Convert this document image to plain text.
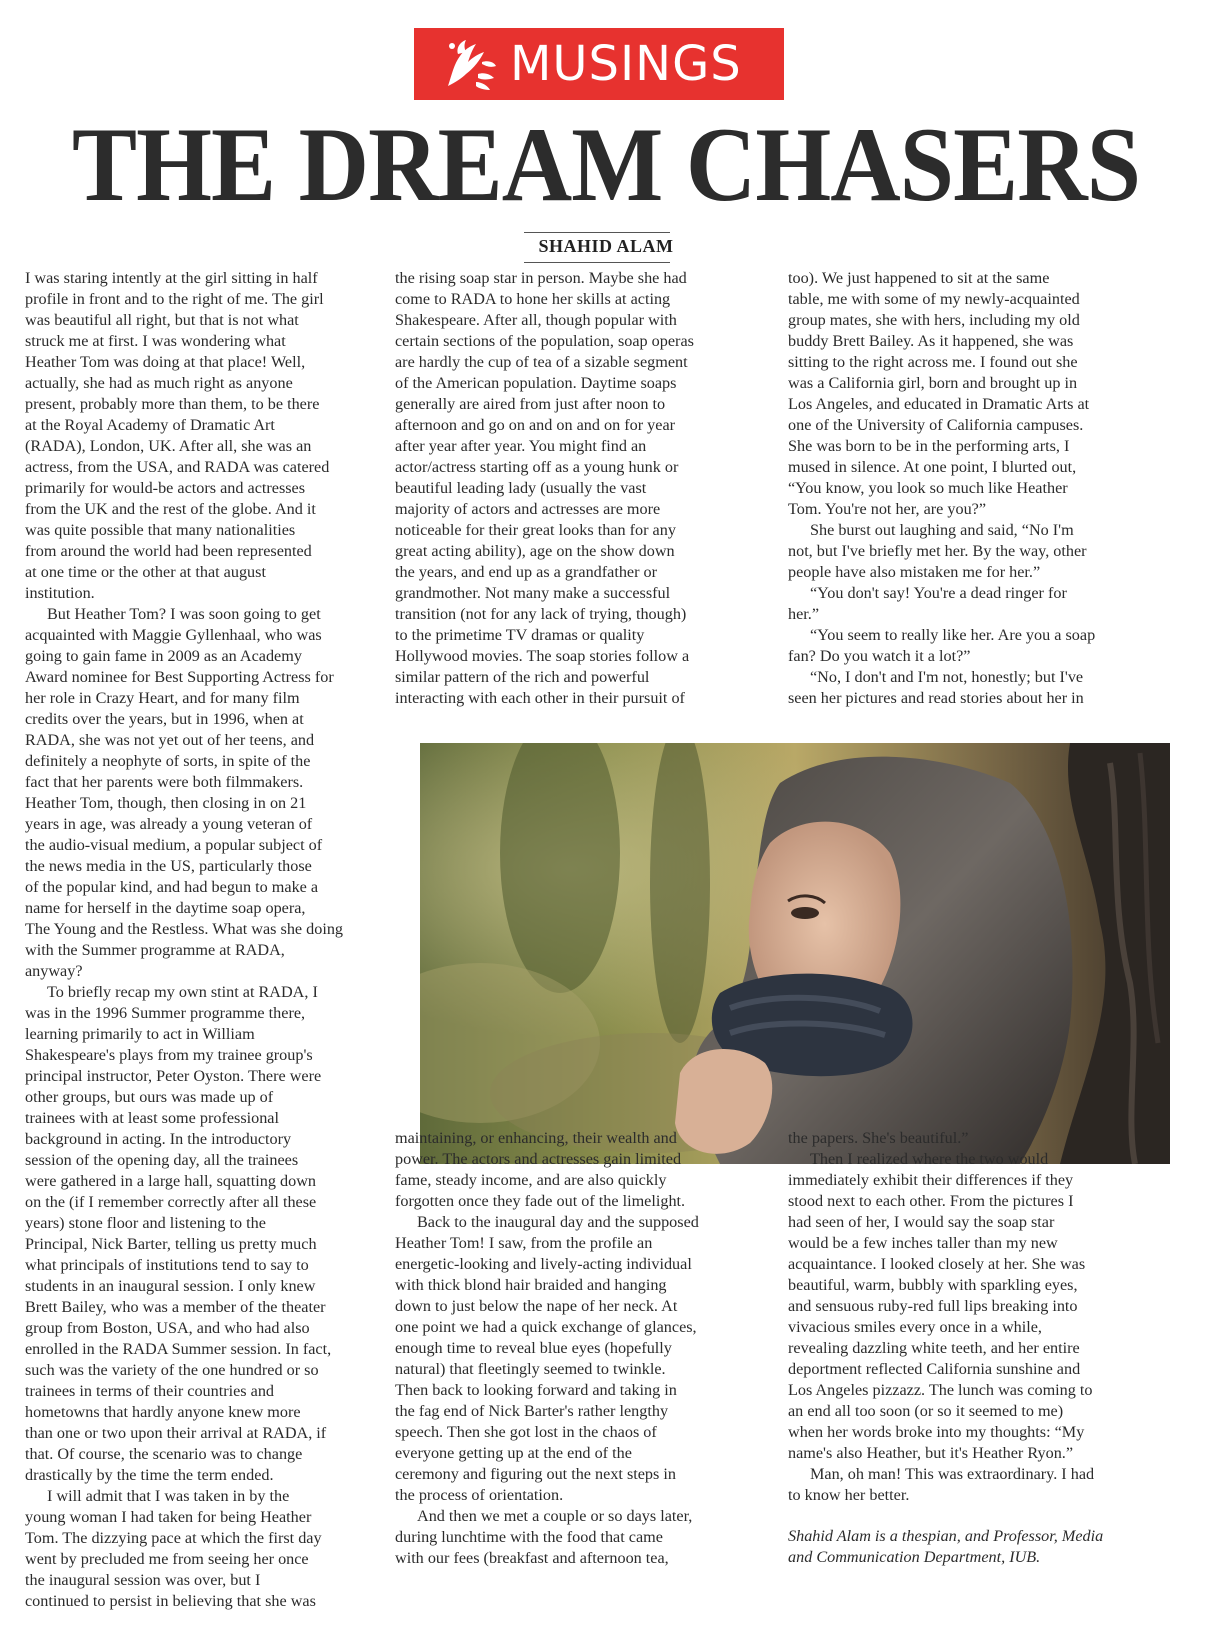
MUSINGS
THE DREAM CHASERS
SHAHID ALAM

I was staring intently at the girl sitting in half
profile in front and to the right of me. The girl
was beautiful all right, but that is not what
struck me at first. I was wondering what
Heather Tom was doing at that place! Well,
actually, she had as much right as anyone
present, probably more than them, to be there
at the Royal Academy of Dramatic Art
(RADA), London, UK. After all, she was an
actress, from the USA, and RADA was catered
primarily for would-be actors and actresses
from the UK and the rest of the globe. And it
was quite possible that many nationalities
from around the world had been represented
at one time or the other at that august
institution.

But Heather Tom? I was soon going to get
acquainted with Maggie Gyllenhaal, who was
going to gain fame in 2009 as an Academy
Award nominee for Best Supporting Actress for
her role in Crazy Heart, and for many film
credits over the years, but in 1996, when at
RADA, she was not yet out of her teens, and
definitely a neophyte of sorts, in spite of the
fact that her parents were both filmmakers.
Heather Tom, though, then closing in on 21
years in age, was already a young veteran of
the audio-visual medium, a popular subject of
the news media in the US, particularly those
of the popular kind, and had begun to make a
name for herself in the daytime soap opera,
The Young and the Restless. What was she doing
with the Summer programme at RADA,
anyway?

To briefly recap my own stint at RADA, I
was in the 1996 Summer programme there,
learning primarily to act in William
Shakespeare's plays from my trainee group's
principal instructor, Peter Oyston. There were
other groups, but ours was made up of
trainees with at least some professional
background in acting. In the introductory
session of the opening day, all the trainees
were gathered in a large hall, squatting down
on the (if I remember correctly after all these
years) stone floor and listening to the
Principal, Nick Barter, telling us pretty much
what principals of institutions tend to say to
students in an inaugural session. I only knew
Brett Bailey, who was a member of the theater
group from Boston, USA, and who had also
enrolled in the RADA Summer session. In fact,
such was the variety of the one hundred or so
trainees in terms of their countries and
hometowns that hardly anyone knew more
than one or two upon their arrival at RADA, if
that. Of course, the scenario was to change
drastically by the time the term ended.

I will admit that I was taken in by the
young woman I had taken for being Heather
Tom. The dizzying pace at which the first day
went by precluded me from seeing her once
the inaugural session was over, but I
continued to persist in believing that she was

the rising soap star in person. Maybe she had
come to RADA to hone her skills at acting
Shakespeare. After all, though popular with
certain sections of the population, soap operas
are hardly the cup of tea of a sizable segment
of the American population. Daytime soaps
generally are aired from just after noon to
afternoon and go on and on and on for year
after year after year. You might find an
actor/actress starting off as a young hunk or
beautiful leading lady (usually the vast
majority of actors and actresses are more
noticeable for their great looks than for any
great acting ability), age on the show down
the years, and end up as a grandfather or
grandmother. Not many make a successful
transition (not for any lack of trying, though)
to the primetime TV dramas or quality
Hollywood movies. The soap stories follow a
similar pattern of the rich and powerful
interacting with each other in their pursuit of

too). We just happened to sit at the same
table, me with some of my newly-acquainted
group mates, she with hers, including my old
buddy Brett Bailey. As it happened, she was
sitting to the right across me. I found out she
was a California girl, born and brought up in
Los Angeles, and educated in Dramatic Arts at
one of the University of California campuses.
She was born to be in the performing arts, I
mused in silence. At one point, I blurted out,
“You know, you look so much like Heather
Tom. You're not her, are you?”

She burst out laughing and said, “No I'm
not, but I've briefly met her. By the way, other
people have also mistaken me for her.”

“You don't say! You're a dead ringer for
her.”

“You seem to really like her. Are you a soap
fan? Do you watch it a lot?”

“No, I don't and I'm not, honestly; but I've
seen her pictures and read stories about her in

maintaining, or enhancing, their wealth and
power. The actors and actresses gain limited
fame, steady income, and are also quickly
forgotten once they fade out of the limelight.

Back to the inaugural day and the supposed
Heather Tom! I saw, from the profile an
energetic-looking and lively-acting individual
with thick blond hair braided and hanging
down to just below the nape of her neck. At
one point we had a quick exchange of glances,
enough time to reveal blue eyes (hopefully
natural) that fleetingly seemed to twinkle.
Then back to looking forward and taking in
the fag end of Nick Barter's rather lengthy
speech. Then she got lost in the chaos of
everyone getting up at the end of the
ceremony and figuring out the next steps in
the process of orientation.

And then we met a couple or so days later,
during lunchtime with the food that came
with our fees (breakfast and afternoon tea,

the papers. She's beautiful.”

Then I realized where the two would
immediately exhibit their differences if they
stood next to each other. From the pictures I
had seen of her, I would say the soap star
would be a few inches taller than my new
acquaintance. I looked closely at her. She was
beautiful, warm, bubbly with sparkling eyes,
and sensuous ruby-red full lips breaking into
vivacious smiles every once in a while,
revealing dazzling white teeth, and her entire
deportment reflected California sunshine and
Los Angeles pizzazz. The lunch was coming to
an end all too soon (or so it seemed to me)
when her words broke into my thoughts: “My
name's also Heather, but it's Heather Ryon.”

Man, oh man! This was extraordinary. I had
to know her better.

Shahid Alam is a thespian, and Professor, Media
and Communication Department, IUB.
